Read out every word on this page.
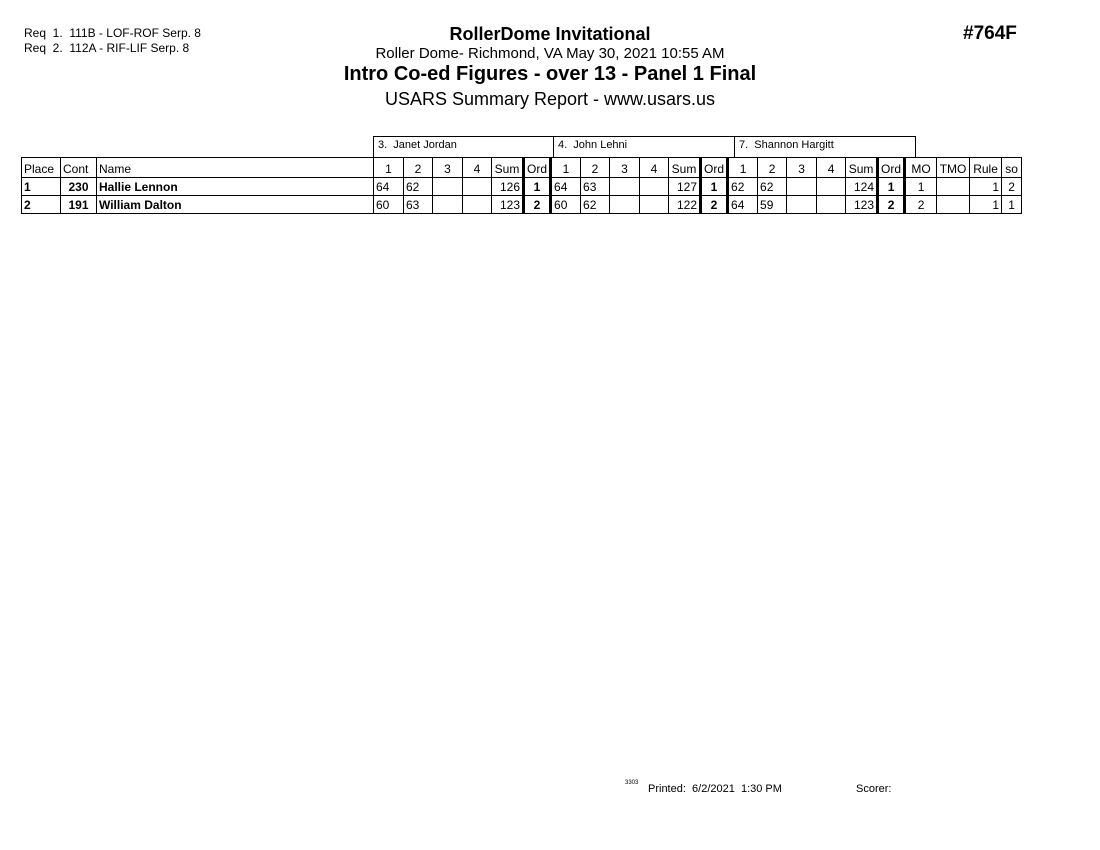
Req  1.  111B - LOF-ROF Serp. 8
Req  2.  112A - RIF-LIF Serp. 8
RollerDome Invitational
Roller Dome- Richmond, VA May 30, 2021 10:55 AM
Intro Co-ed Figures - over 13 - Panel 1 Final
USARS Summary Report - www.usars.us
#764F
3.  Janet Jordan	4.  John Lehni	7.  Shannon Hargitt
Place	Cont	Name	1	2	3	4	Sum	Ord	1	2	3	4	Sum	Ord	1	2	3	4	Sum	Ord	MO	TMO	Rule	so
1	230	Hallie Lennon	64	62			126	1	64	63			127	1	62	62			124	1	1		1	2
2	191	William Dalton	60	63			123	2	60	62			122	2	64	59			123	2	2		1	1
3303 Printed:  6/2/2021  1:30 PM	Scorer:
